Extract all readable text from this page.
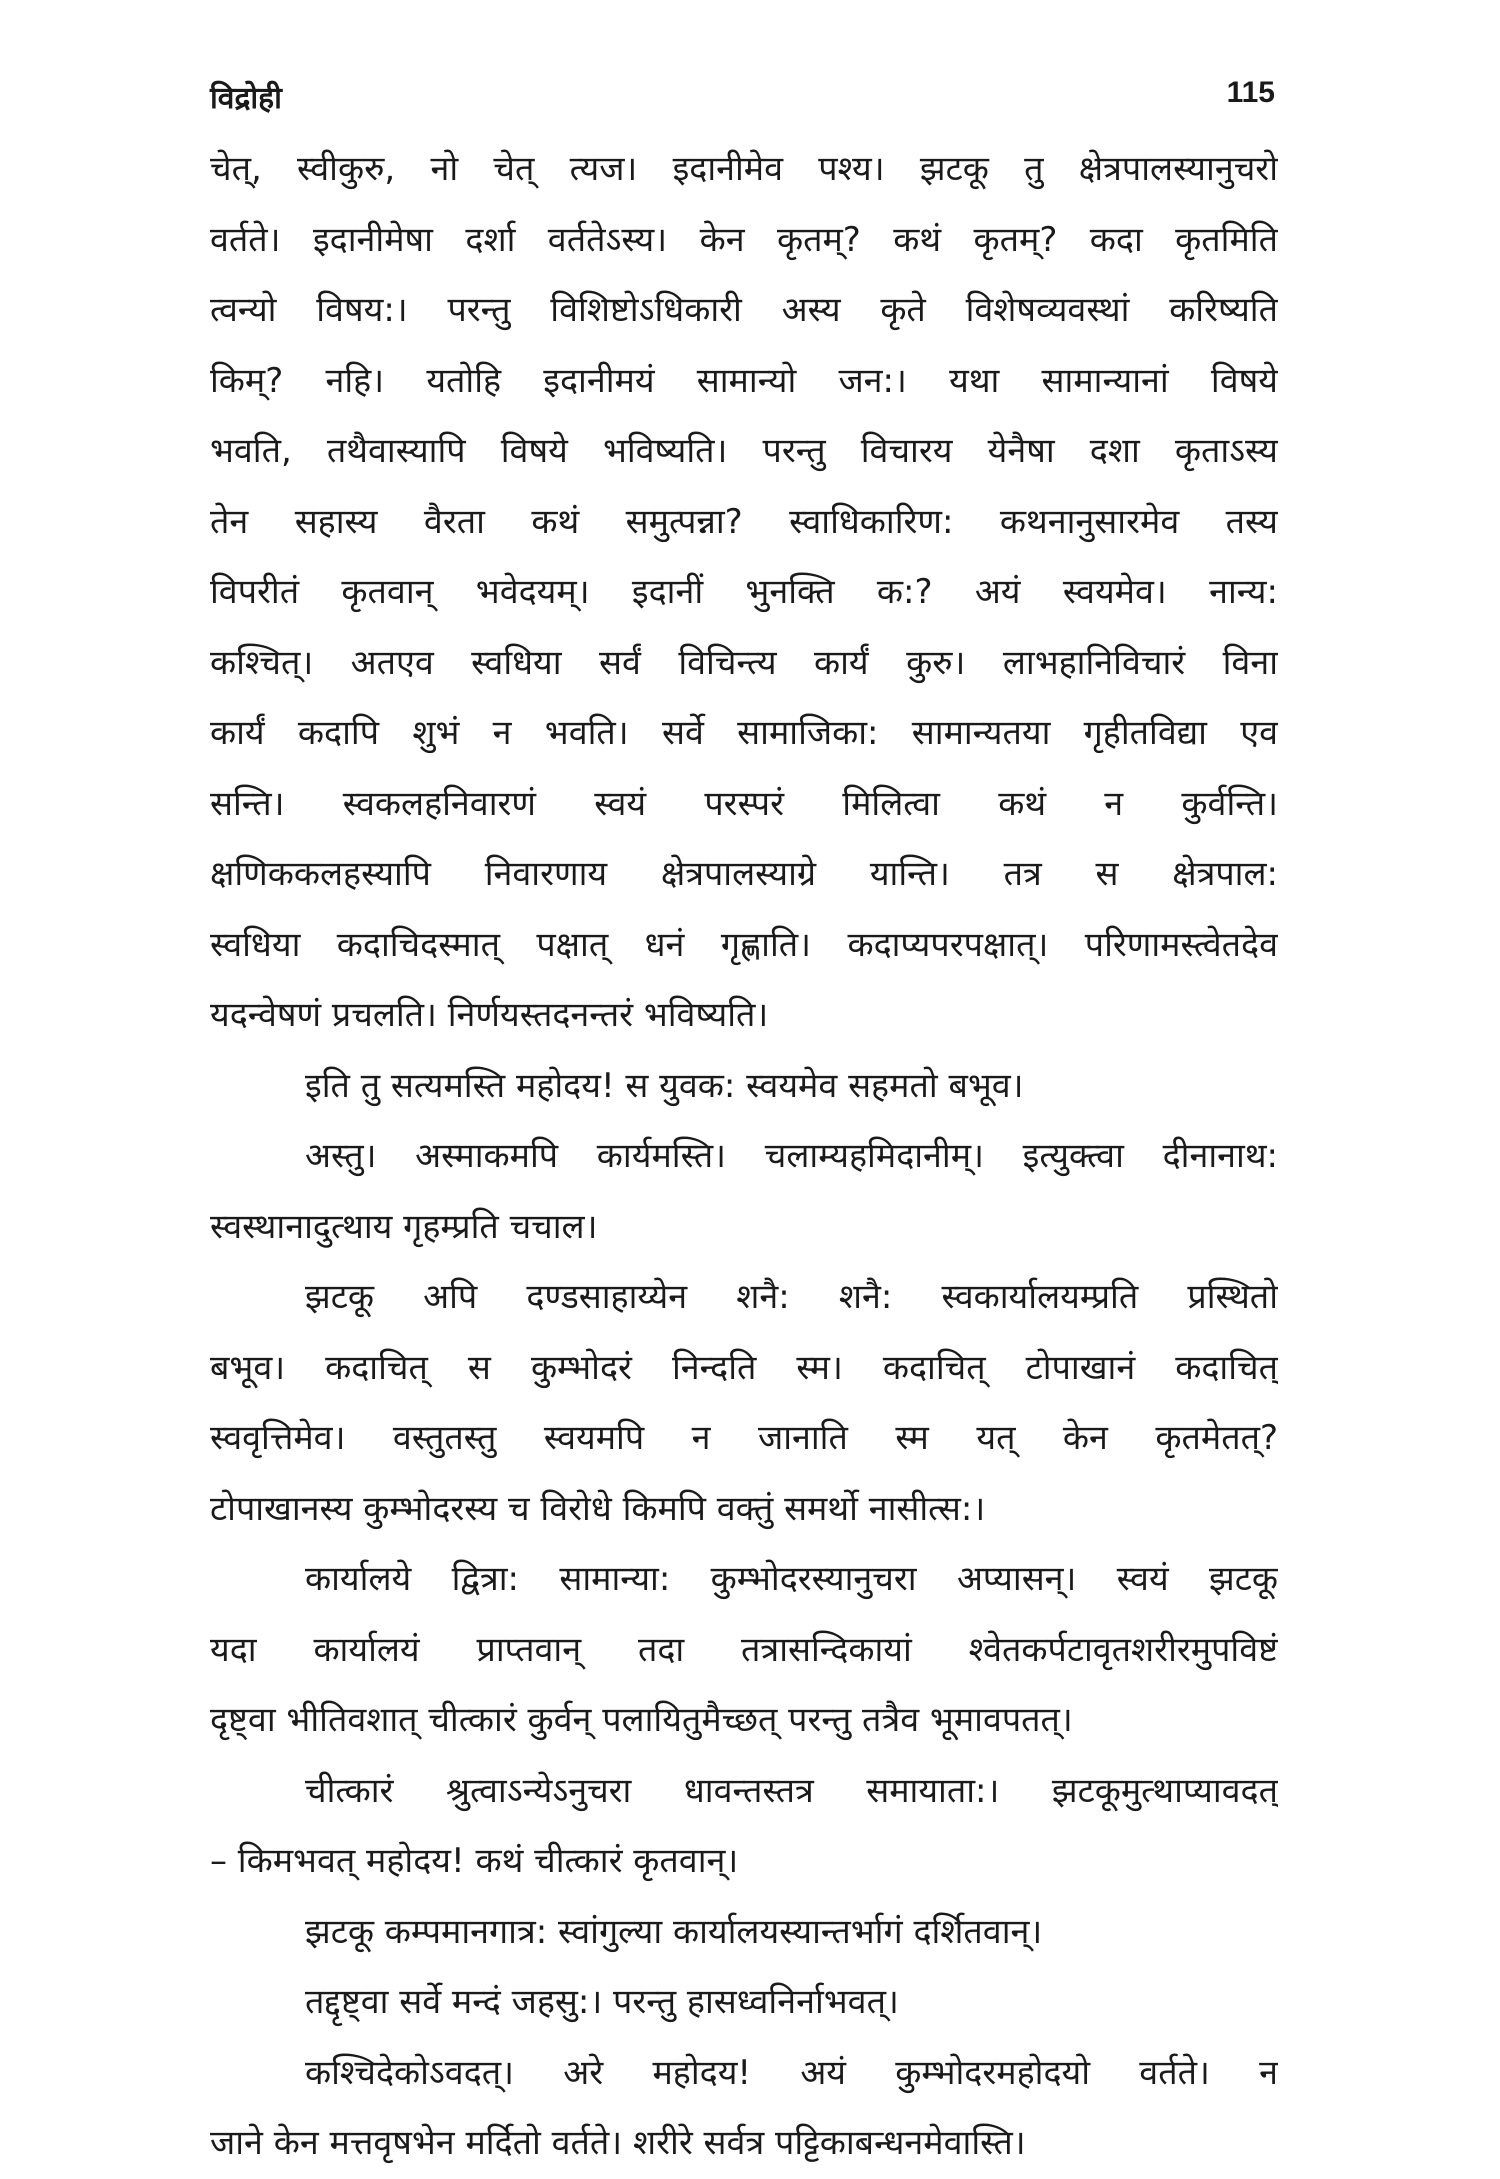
विद्रोही	115
चेत्, स्वीकुरु, नो चेत् त्यज। इदानीमेव पश्य। झटकू तु क्षेत्रपालस्यानुचरो
वर्तते। इदानीमेषा दर्शा वर्ततेऽस्य। केन कृतम्? कथं कृतम्? कदा कृतमिति
त्वन्यो विषय:। परन्तु विशिष्टोऽधिकारी अस्य कृते विशेषव्यवस्थां करिष्यति
किम्? नहि। यतोहि इदानीमयं सामान्यो जन:। यथा सामान्यानां विषये
भवति, तथैवास्यापि विषये भविष्यति। परन्तु विचारय येनैषा दशा कृताऽस्य
तेन सहास्य वैरता कथं समुत्पन्ना? स्वाधिकारिण: कथनानुसारमेव तस्य
विपरीतं कृतवान् भवेदयम्। इदानीं भुनक्ति क:? अयं स्वयमेव। नान्य:
कश्चित्। अतएव स्वधिया सर्वं विचिन्त्य कार्यं कुरु। लाभहानिविचारं विना
कार्यं कदापि शुभं न भवति। सर्वे सामाजिका: सामान्यतया गृहीतविद्या एव
सन्ति। स्वकलहनिवारणं स्वयं परस्परं मिलित्वा कथं न कुर्वन्ति।
क्षणिककलहस्यापि निवारणाय क्षेत्रपालस्याग्रे यान्ति। तत्र स क्षेत्रपाल:
स्वधिया कदाचिदस्मात् पक्षात् धनं गृह्णाति। कदाप्यपरपक्षात्। परिणामस्त्वेतदेव
यदन्वेषणं प्रचलति। निर्णयस्तदनन्तरं भविष्यति।
इति तु सत्यमस्ति महोदय! स युवक: स्वयमेव सहमतो बभूव।
अस्तु। अस्माकमपि कार्यमस्ति। चलाम्यहमिदानीम्। इत्युक्त्वा दीनानाथ:
स्वस्थानादुत्थाय गृहम्प्रति चचाल।
झटकू अपि दण्डसाहाय्येन शनै: शनै: स्वकार्यालयम्प्रति प्रस्थितो
बभूव। कदाचित् स कुम्भोदरं निन्दति स्म। कदाचित् टोपाखानं कदाचित्
स्ववृत्तिमेव। वस्तुतस्तु स्वयमपि न जानाति स्म यत् केन कृतमेतत्?
टोपाखानस्य कुम्भोदरस्य च विरोधे किमपि वक्तुं समर्थो नासीत्स:।
कार्यालये द्वित्रा: सामान्या: कुम्भोदरस्यानुचरा अप्यासन्। स्वयं झटकू
यदा कार्यालयं प्राप्तवान् तदा तत्रासन्दिकायां श्वेतकर्पटावृतशरीरमुपविष्टं
दृष्ट्वा भीतिवशात् चीत्कारं कुर्वन् पलायितुमैच्छत् परन्तु तत्रैव भूमावपतत्।
चीत्कारं श्रुत्वाऽन्येऽनुचरा धावन्तस्तत्र समायाता:। झटकूमुत्थाप्यावदत्
– किमभवत् महोदय! कथं चीत्कारं कृतवान्।
झटकू कम्पमानगात्र: स्वांगुल्या कार्यालयस्यान्तर्भागं दर्शितवान्।
तद्दृष्ट्वा सर्वे मन्दं जहसु:। परन्तु हासध्वनिर्नाभवत्।
कश्चिदेकोऽवदत्। अरे महोदय! अयं कुम्भोदरमहोदयो वर्तते। न
जाने केन मत्तवृषभेन मर्दितो वर्तते। शरीरे सर्वत्र पट्टिकाबन्धनमेवास्ति।
